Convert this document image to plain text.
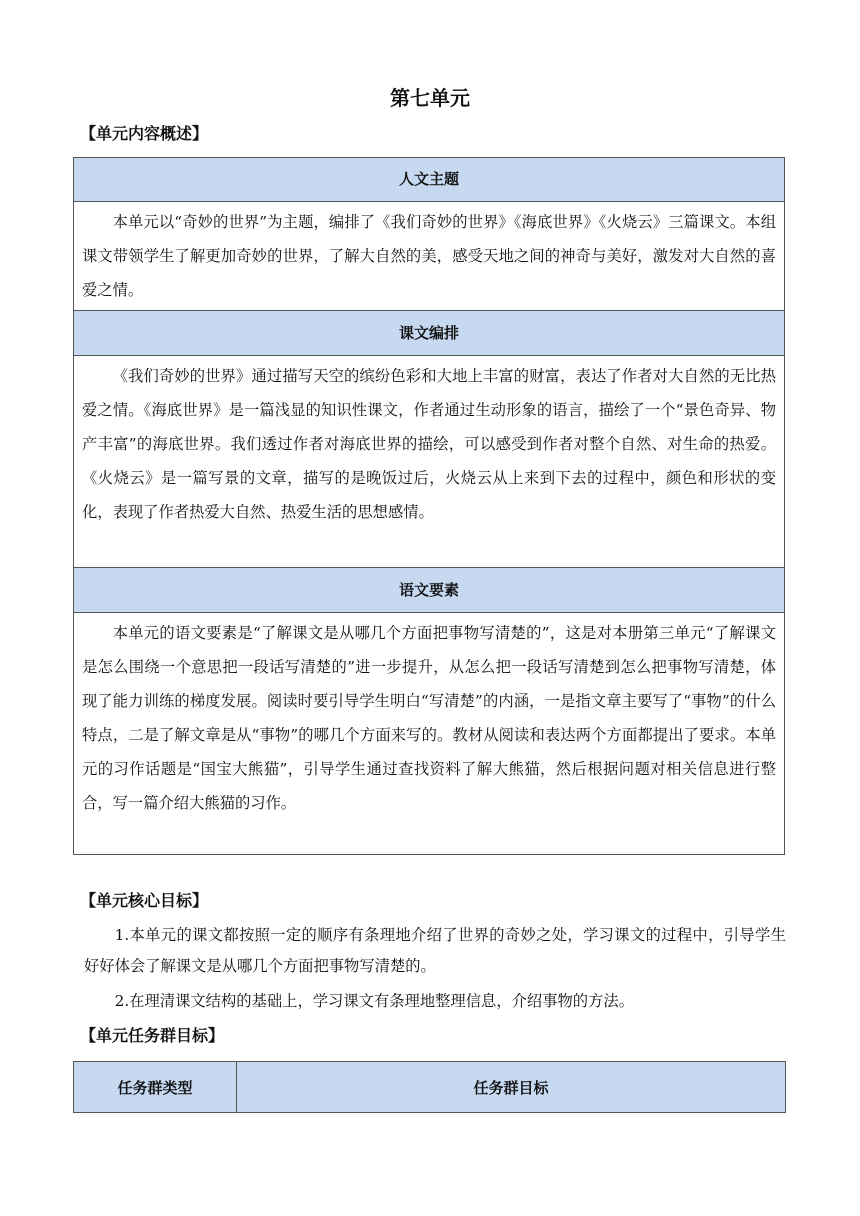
第七单元
【单元内容概述】
人文主题
本单元以“奇妙的世界”为主题，编排了《我们奇妙的世界》《海底世界》《火烧云》三篇课文。本组课文带领学生了解更加奇妙的世界，了解大自然的美，感受天地之间的神奇与美好，激发对大自然的喜爱之情。
课文编排
《我们奇妙的世界》通过描写天空的缤纷色彩和大地上丰富的财富，表达了作者对大自然的无比热爱之情。《海底世界》是一篇浅显的知识性课文，作者通过生动形象的语言，描绘了一个“景色奇异、物产丰富”的海底世界。我们透过作者对海底世界的描绘，可以感受到作者对整个自然、对生命的热爱。《火烧云》是一篇写景的文章，描写的是晚饭过后，火烧云从上来到下去的过程中，颜色和形状的变化，表现了作者热爱大自然、热爱生活的思想感情。
语文要素
本单元的语文要素是“了解课文是从哪几个方面把事物写清楚的”，这是对本册第三单元“了解课文是怎么围绕一个意思把一段话写清楚的”进一步提升，从怎么把一段话写清楚到怎么把事物写清楚，体现了能力训练的梯度发展。阅读时要引导学生明白“写清楚”的内涵，一是指文章主要写了“事物”的什么特点，二是了解文章是从“事物”的哪几个方面来写的。教材从阅读和表达两个方面都提出了要求。本单元的习作话题是“国宝大熊猫”，引导学生通过查找资料了解大熊猫，然后根据问题对相关信息进行整合，写一篇介绍大熊猫的习作。
【单元核心目标】
1.本单元的课文都按照一定的顺序有条理地介绍了世界的奇妙之处，学习课文的过程中，引导学生好好体会了解课文是从哪几个方面把事物写清楚的。
2.在理清课文结构的基础上，学习课文有条理地整理信息，介绍事物的方法。
【单元任务群目标】
任务群类型	任务群目标
